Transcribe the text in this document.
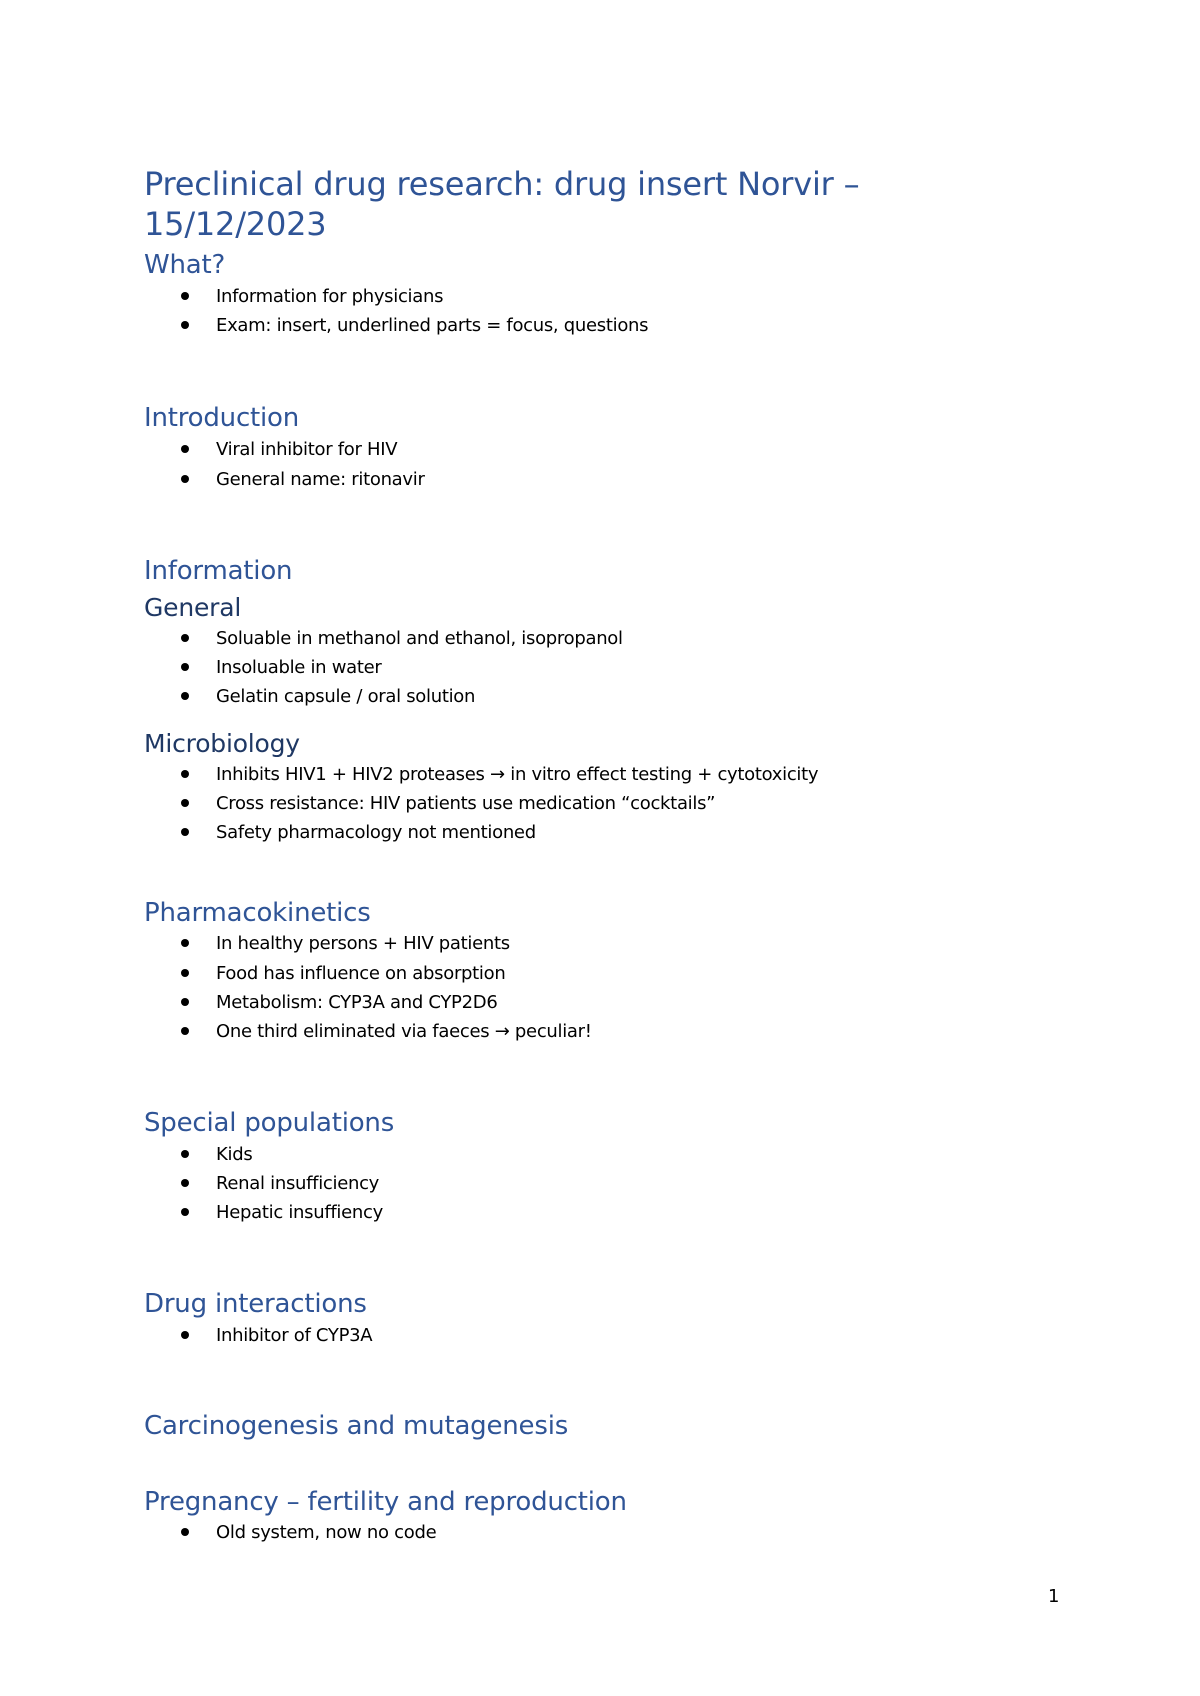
Preclinical drug research: drug insert Norvir –
15/12/2023
What?
Information for physicians
Exam: insert, underlined parts = focus, questions
Introduction
Viral inhibitor for HIV
General name: ritonavir
Information
General
Soluable in methanol and ethanol, isopropanol
Insoluable in water
Gelatin capsule / oral solution
Microbiology
Inhibits HIV1 + HIV2 proteases → in vitro effect testing + cytotoxicity
Cross resistance: HIV patients use medication “cocktails”
Safety pharmacology not mentioned
Pharmacokinetics
In healthy persons + HIV patients
Food has influence on absorption
Metabolism: CYP3A and CYP2D6
One third eliminated via faeces → peculiar!
Special populations
Kids
Renal insufficiency
Hepatic insuffiency
Drug interactions
Inhibitor of CYP3A
Carcinogenesis and mutagenesis
Pregnancy – fertility and reproduction
Old system, now no code
1
